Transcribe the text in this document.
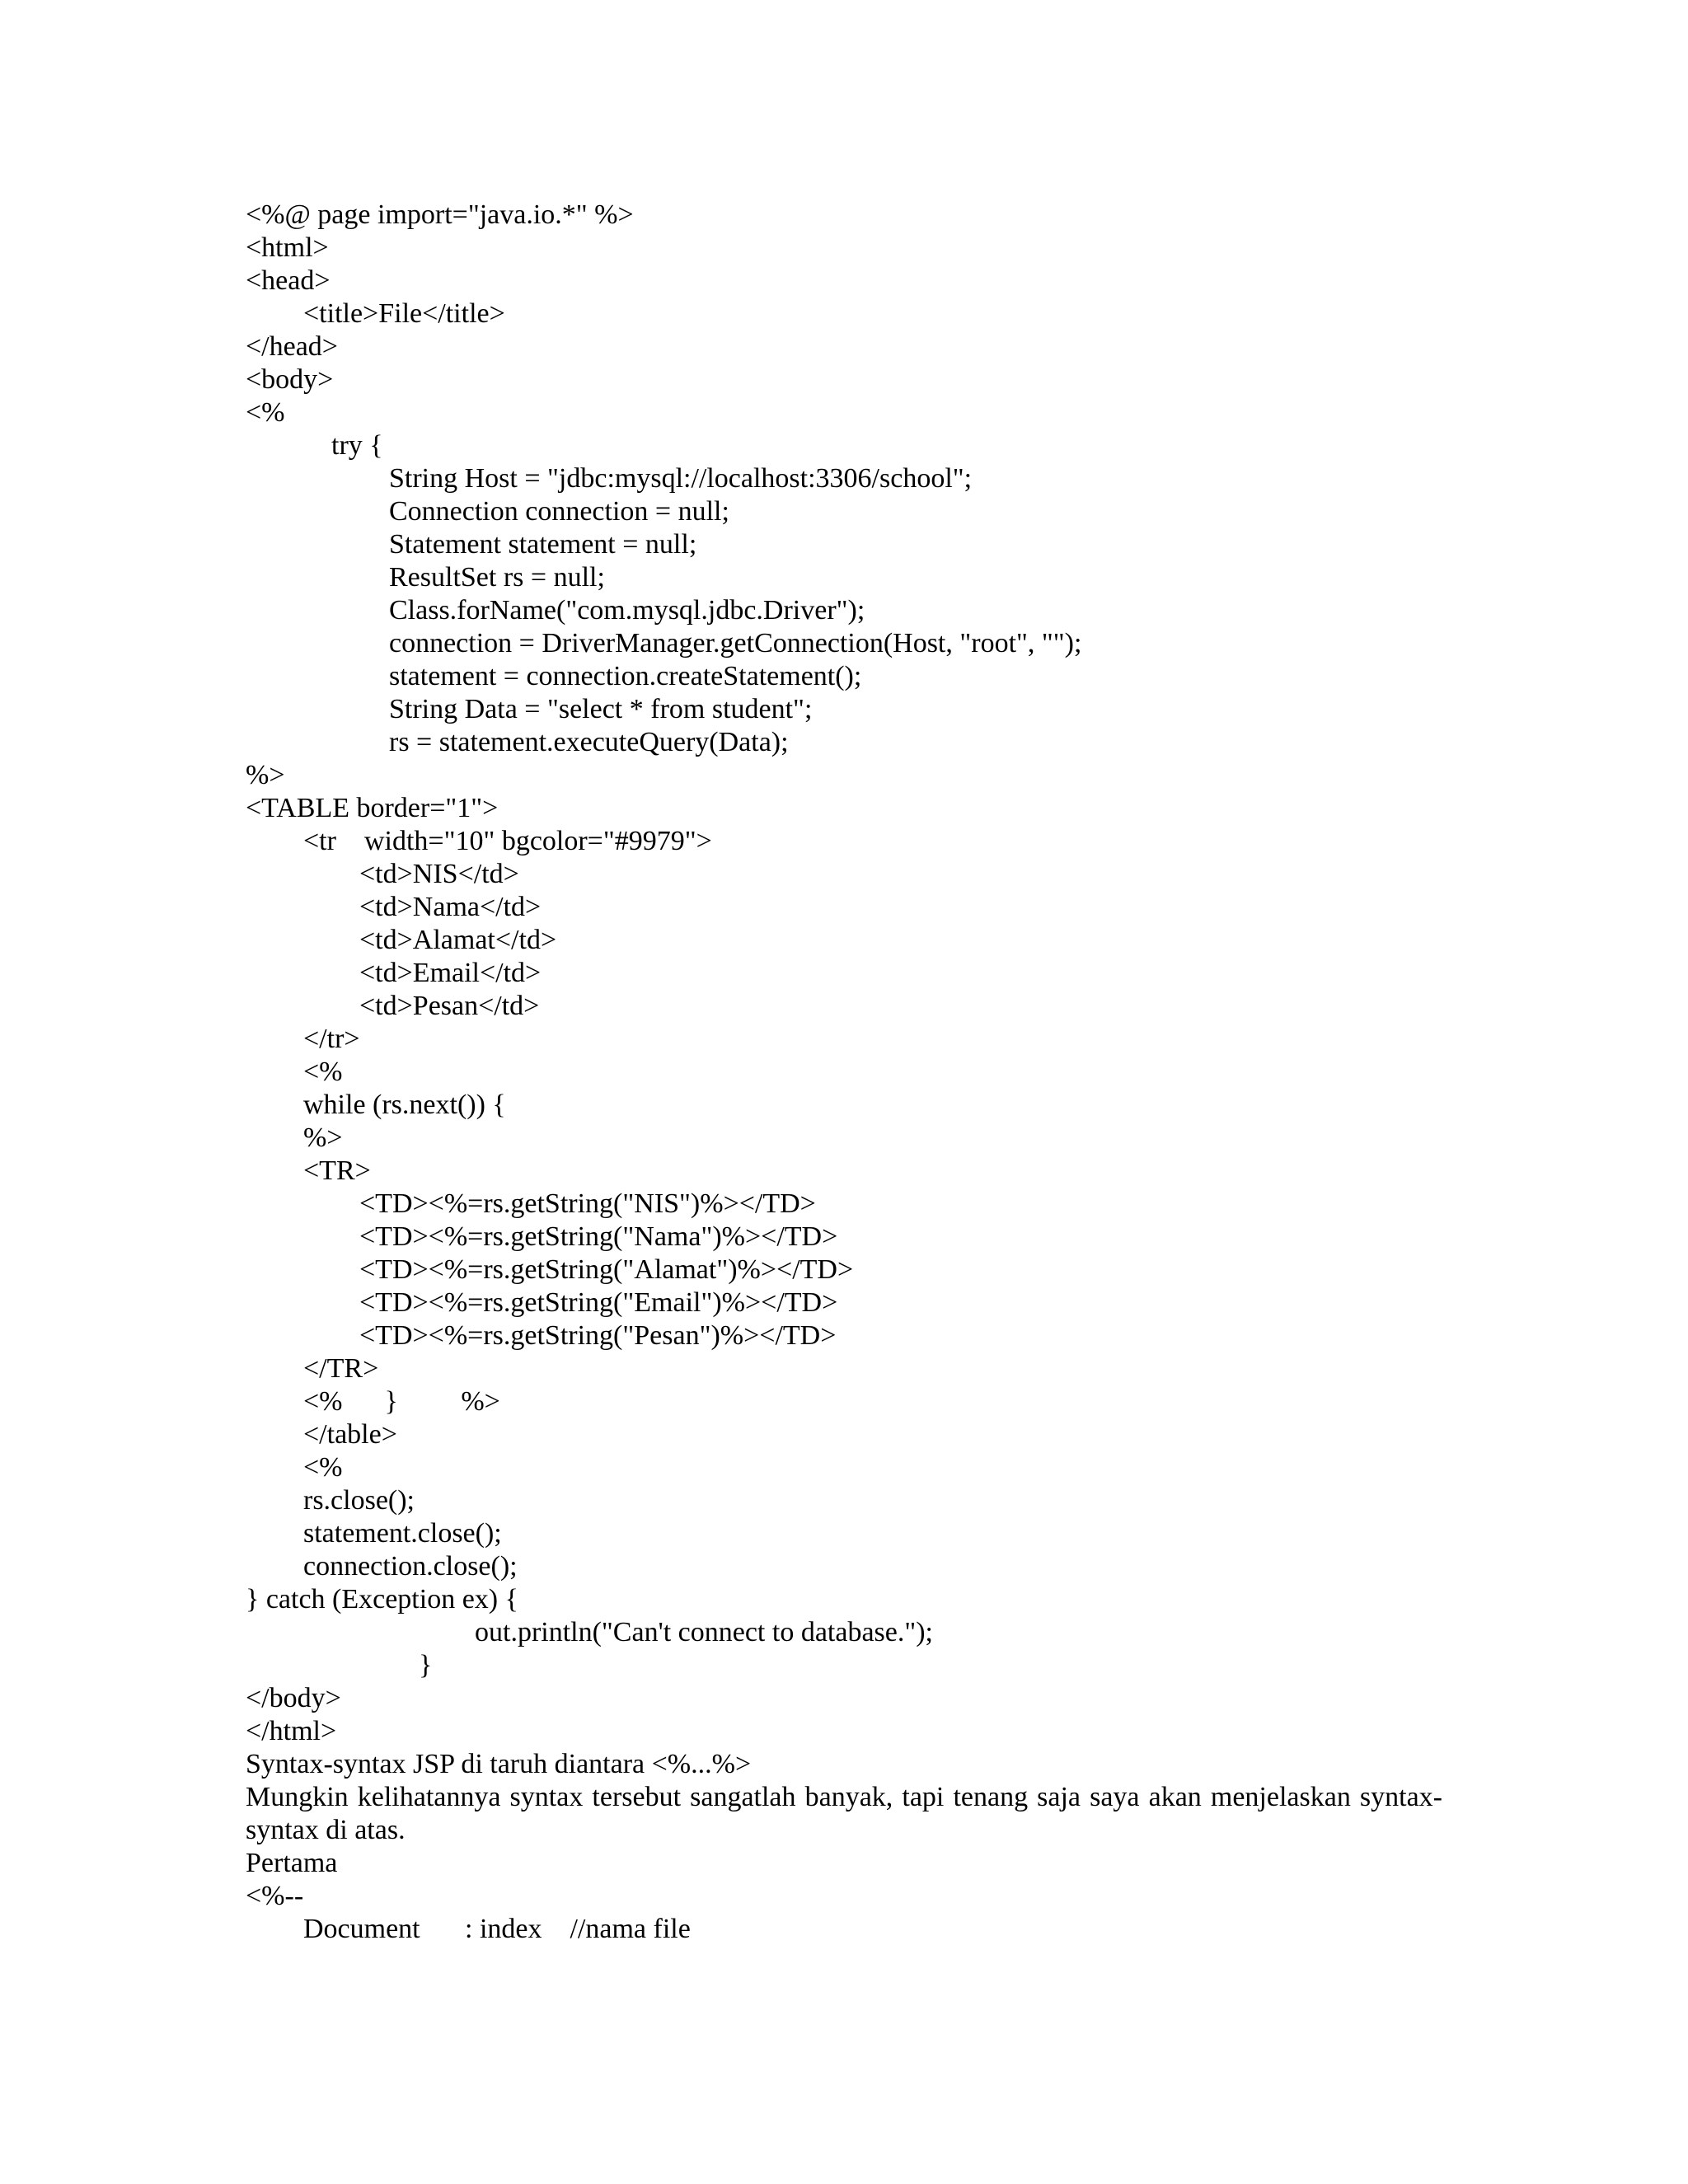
<%@ page import="java.io.*" %>
<html>
<head>
<title>File</title>
</head>
<body>
<%
try {
String Host = "jdbc:mysql://localhost:3306/school";
Connection connection = null;
Statement statement = null;
ResultSet rs = null;
Class.forName("com.mysql.jdbc.Driver");
connection = DriverManager.getConnection(Host, "root", "");
statement = connection.createStatement();
String Data = "select * from student";
rs = statement.executeQuery(Data);
%>
<TABLE border="1">
<tr    width="10" bgcolor="#9979">
<td>NIS</td>
<td>Nama</td>
<td>Alamat</td>
<td>Email</td>
<td>Pesan</td>
</tr>
<%
while (rs.next()) {
%>
<TR>
<TD><%=rs.getString("NIS")%></TD>
<TD><%=rs.getString("Nama")%></TD>
<TD><%=rs.getString("Alamat")%></TD>
<TD><%=rs.getString("Email")%></TD>
<TD><%=rs.getString("Pesan")%></TD>
</TR>
<%      }         %>
</table>
<%
rs.close();
statement.close();
connection.close();
} catch (Exception ex) {
out.println("Can't connect to database.");
}
</body>
</html>
Syntax-syntax JSP di taruh diantara <%...%>

Mungkin kelihatannya syntax tersebut sangatlah banyak, tapi tenang saja saya akan menjelaskan syntax-syntax di atas.

Pertama
<%--
Document : index    //nama file
